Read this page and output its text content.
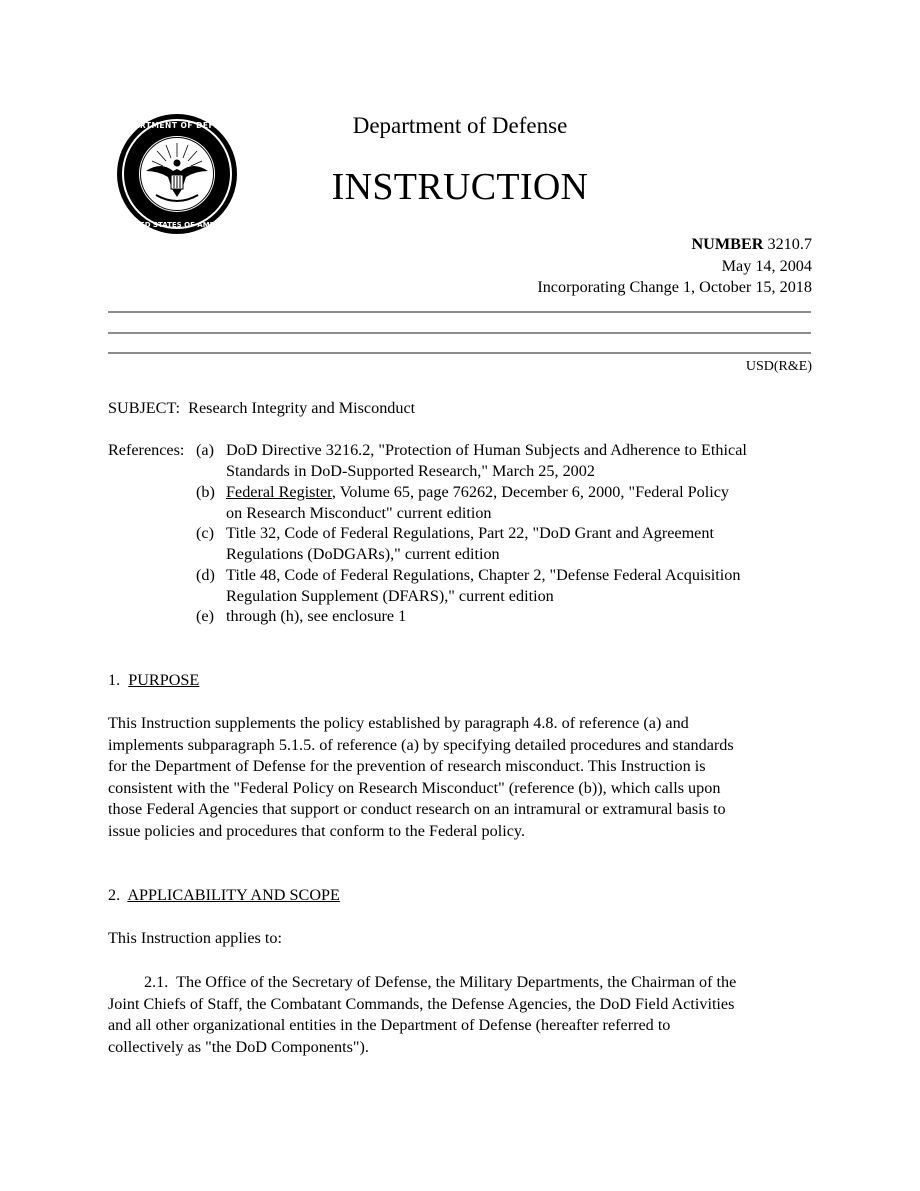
DEPARTMENT OF DEFENSE
UNITED STATES OF AMERICA
Department of Defense
INSTRUCTION
NUMBER 3210.7
May 14, 2004
Incorporating Change 1, October 15, 2018
USD(R&E)
SUBJECT: Research Integrity and Misconduct
References: (a) DoD Directive 3216.2, "Protection of Human Subjects and Adherence to Ethical
Standards in DoD-Supported Research," March 25, 2002
(b) Federal Register, Volume 65, page 76262, December 6, 2000, "Federal Policy
on Research Misconduct" current edition
(c) Title 32, Code of Federal Regulations, Part 22, "DoD Grant and Agreement
Regulations (DoDGARs)," current edition
(d) Title 48, Code of Federal Regulations, Chapter 2, "Defense Federal Acquisition
Regulation Supplement (DFARS)," current edition
(e) through (h), see enclosure 1
1. PURPOSE
This Instruction supplements the policy established by paragraph 4.8. of reference (a) and
implements subparagraph 5.1.5. of reference (a) by specifying detailed procedures and standards
for the Department of Defense for the prevention of research misconduct. This Instruction is
consistent with the "Federal Policy on Research Misconduct" (reference (b)), which calls upon
those Federal Agencies that support or conduct research on an intramural or extramural basis to
issue policies and procedures that conform to the Federal policy.
2. APPLICABILITY AND SCOPE
This Instruction applies to:
2.1. The Office of the Secretary of Defense, the Military Departments, the Chairman of the
Joint Chiefs of Staff, the Combatant Commands, the Defense Agencies, the DoD Field Activities
and all other organizational entities in the Department of Defense (hereafter referred to
collectively as "the DoD Components").
